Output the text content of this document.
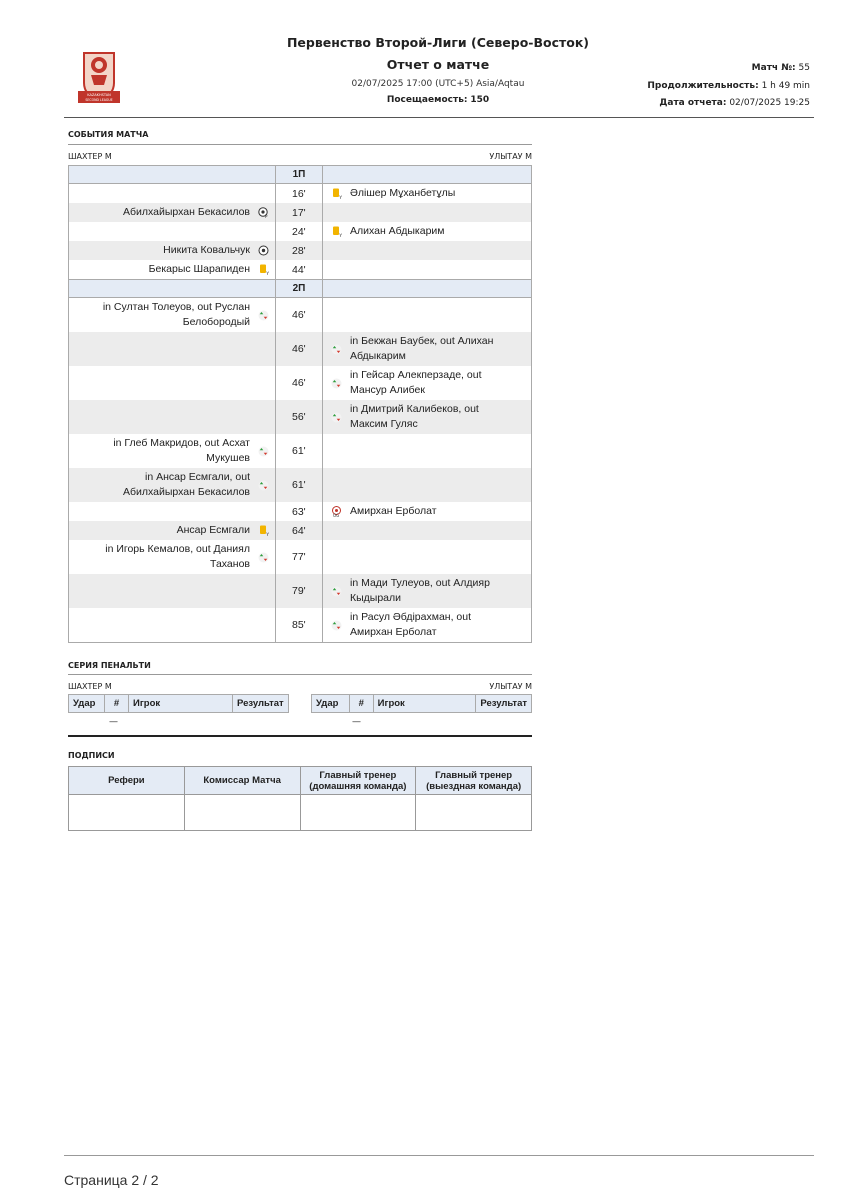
KAZAKHSTAN
SECOND LEAGUE
Первенство Второй-Лиги (Северо-Восток)
Отчет о матче
02/07/2025 17:00 (UTC+5) Asia/Aqtau
Посещаемость: 150
Матч №: 55
Продолжительность: 1 h 49 min
Дата отчета: 02/07/2025 19:25
СОБЫТИЯ МАТЧА
ШАХТЕР М	УЛЫТАУ М
	1П	
	16'	Y Әлішер Мұханбетұлы

Абилхайырхан Бекасилов P	17'	
	24'	Y Алихан Абдыкарим

Никита Ковальчук	28'	

Бекарыс Шарапиден Y	44'	
	2П	

in Султан Толеуов, out Руслан Белобородый	46'	
	46'	in Бекжан Баубек, out Алихан Абдыкарим

	46'	in Гейсар Алекперзаде, out Мансур Алибек

	56'	in Дмитрий Калибеков, out Максим Гуляс

in Глеб Макридов, out Асхат Мукушев	61'	

in Ансар Есмгали, out Абилхайырхан Бекасилов	61'	
	63'	OG Амирхан Ерболат

Ансар Есмгали Y	64'	

in Игорь Кемалов, out Даниял Таханов	77'	
	79'	in Мади Тулеуов, out Алдияр Кыдырали

	85'	in Расул Әбдірахман, out Амирхан Ерболат
СЕРИЯ ПЕНАЛЬТИ
ШАХТЕР М	УЛЫТАУ М
Удар	#	Игрок	Результат	Удар	#	Игрок	Результат
—	—
ПОДПИСИ
Рефери	Комиссар Матча	Главный тренер (домашняя команда)	Главный тренер (выездная команда)

Страница 2 / 2
